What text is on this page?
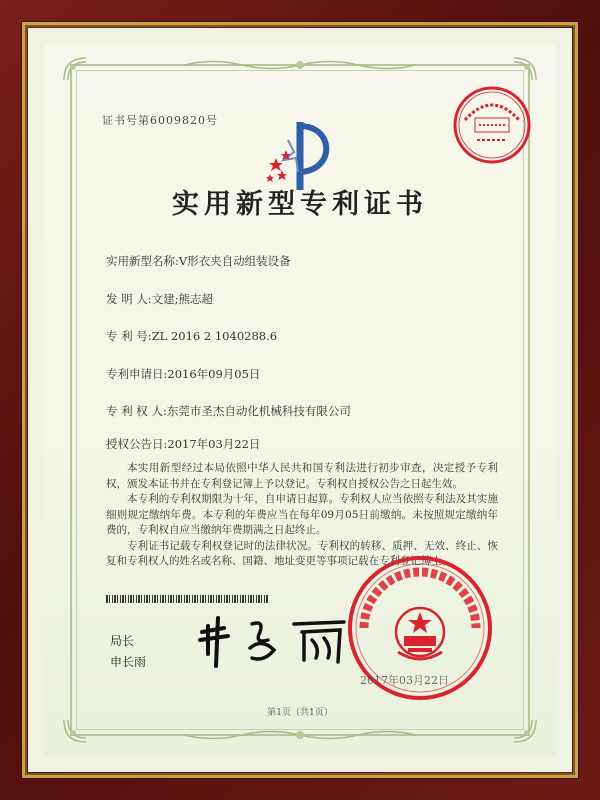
证书号第6009820号
实用新型专利证书
实用新型名称:V形衣夹自动组装设备
发 明 人:文建;熊志超
专 利 号:ZL 2016 2 1040288.6
专利申请日:2016年09月05日
专 利 权 人:东莞市圣杰自动化机械科技有限公司
授权公告日:2017年03月22日

本实用新型经过本局依照中华人民共和国专利法进行初步审查，决定授予专利权，颁发本证书并在专利登记簿上予以登记。专利权自授权公告之日起生效。

本专利的专利权期限为十年，自申请日起算。专利权人应当依照专利法及其实施细则规定缴纳年费。本专利的年费应当在每年09月05日前缴纳。未按照规定缴纳年费的，专利权自应当缴纳年费期满之日起终止。

专利证书记载专利权登记时的法律状况。专利权的转移、质押、无效、终止、恢复和专利权人的姓名或名称、国籍、地址变更等事项记载在专利登记簿上。

局长
申长雨
2017年03月22日
第1页（共1页）
